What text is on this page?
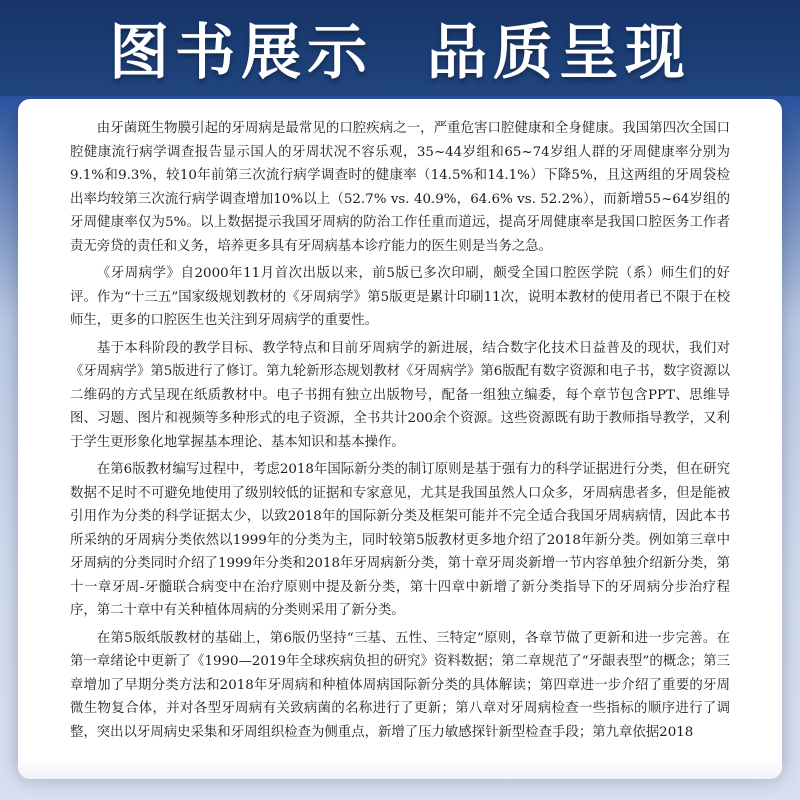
图书展示  品质呈现

由牙菌斑生物膜引起的牙周病是最常见的口腔疾病之一，严重危害口腔健康和全身健康。我国第四次全国口腔健康流行病学调查报告显示国人的牙周状况不容乐观，35~44岁组和65~74岁组人群的牙周健康率分别为9.1%和9.3%，较10年前第三次流行病学调查时的健康率（14.5%和14.1%）下降5%，且这两组的牙周袋检出率均较第三次流行病学调查增加10%以上（52.7% vs. 40.9%，64.6% vs. 52.2%），而新增55~64岁组的牙周健康率仅为5%。以上数据提示我国牙周病的防治工作任重而道远，提高牙周健康率是我国口腔医务工作者责无旁贷的责任和义务，培养更多具有牙周病基本诊疗能力的医生则是当务之急。

《牙周病学》自2000年11月首次出版以来，前5版已多次印刷，颇受全国口腔医学院（系）师生们的好评。作为“十三五”国家级规划教材的《牙周病学》第5版更是累计印刷11次，说明本教材的使用者已不限于在校师生，更多的口腔医生也关注到牙周病学的重要性。

基于本科阶段的教学目标、教学特点和目前牙周病学的新进展，结合数字化技术日益普及的现状，我们对《牙周病学》第5版进行了修订。第九轮新形态规划教材《牙周病学》第6版配有数字资源和电子书，数字资源以二维码的方式呈现在纸质教材中。电子书拥有独立出版物号，配备一组独立编委，每个章节包含PPT、思维导图、习题、图片和视频等多种形式的电子资源，全书共计200余个资源。这些资源既有助于教师指导教学，又利于学生更形象化地掌握基本理论、基本知识和基本操作。

在第6版教材编写过程中，考虑2018年国际新分类的制订原则是基于强有力的科学证据进行分类，但在研究数据不足时不可避免地使用了级别较低的证据和专家意见，尤其是我国虽然人口众多，牙周病患者多，但是能被引用作为分类的科学证据太少，以致2018年的国际新分类及框架可能并不完全适合我国牙周病病情，因此本书所采纳的牙周病分类依然以1999年的分类为主，同时较第5版教材更多地介绍了2018年新分类。例如第三章中牙周病的分类同时介绍了1999年分类和2018年牙周病新分类，第十章牙周炎新增一节内容单独介绍新分类，第十一章牙周-牙髓联合病变中在治疗原则中提及新分类，第十四章中新增了新分类指导下的牙周病分步治疗程序，第二十章中有关种植体周病的分类则采用了新分类。

在第5版纸版教材的基础上，第6版仍坚持“三基、五性、三特定”原则，各章节做了更新和进一步完善。在第一章绪论中更新了《1990—2019年全球疾病负担的研究》资料数据；第二章规范了“牙龈表型”的概念；第三章增加了早期分类方法和2018年牙周病和种植体周病国际新分类的具体解读；第四章进一步介绍了重要的牙周微生物复合体，并对各型牙周病有关致病菌的名称进行了更新；第八章对牙周病检查一些指标的顺序进行了调整，突出以牙周病史采集和牙周组织检查为侧重点，新增了压力敏感探针新型检查手段；第九章依据2018
